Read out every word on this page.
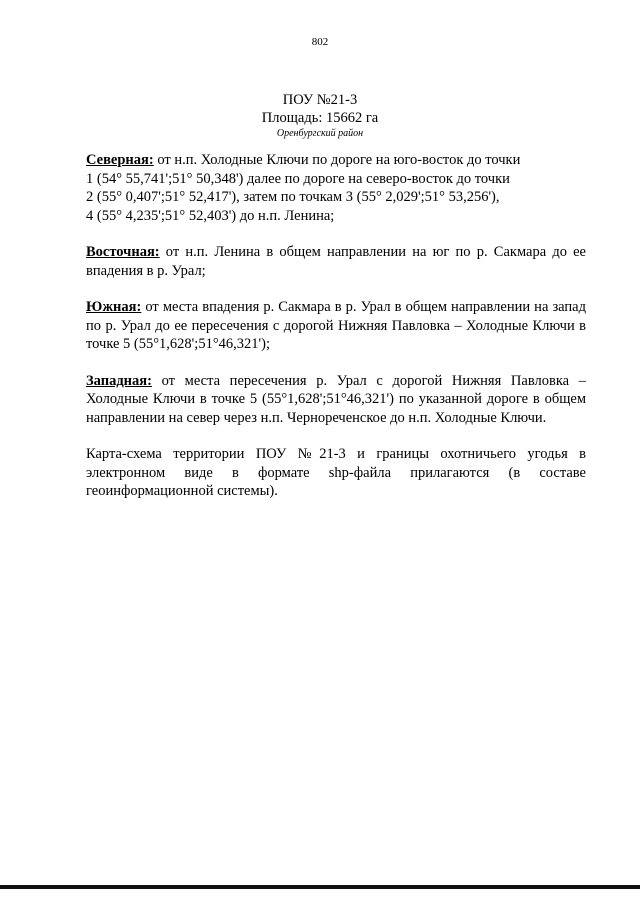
802
ПОУ №21-3
Площадь: 15662 га
Оренбургский район
Северная: от н.п. Холодные Ключи по дороге на юго-восток до точки
1 (54° 55,741';51° 50,348') далее по дороге на северо-восток до точки
2 (55° 0,407';51° 52,417'), затем по точкам 3 (55° 2,029';51° 53,256'),
4 (55° 4,235';51° 52,403') до н.п. Ленина;
Восточная: от н.п. Ленина в общем направлении на юг по р. Сакмара до ее впадения в р. Урал;
Южная: от места впадения р. Сакмара в р. Урал в общем направлении на запад по р. Урал до ее пересечения с дорогой Нижняя Павловка – Холодные Ключи в точке 5 (55°1,628';51°46,321');
Западная: от места пересечения р. Урал с дорогой Нижняя Павловка – Холодные Ключи в точке 5 (55°1,628';51°46,321') по указанной дороге в общем направлении на север через н.п. Чернореченское до н.п. Холодные Ключи.
Карта-схема территории ПОУ №21-3 и границы охотничьего угодья в электронном виде в формате shp-файла прилагаются (в составе геоинформационной системы).
